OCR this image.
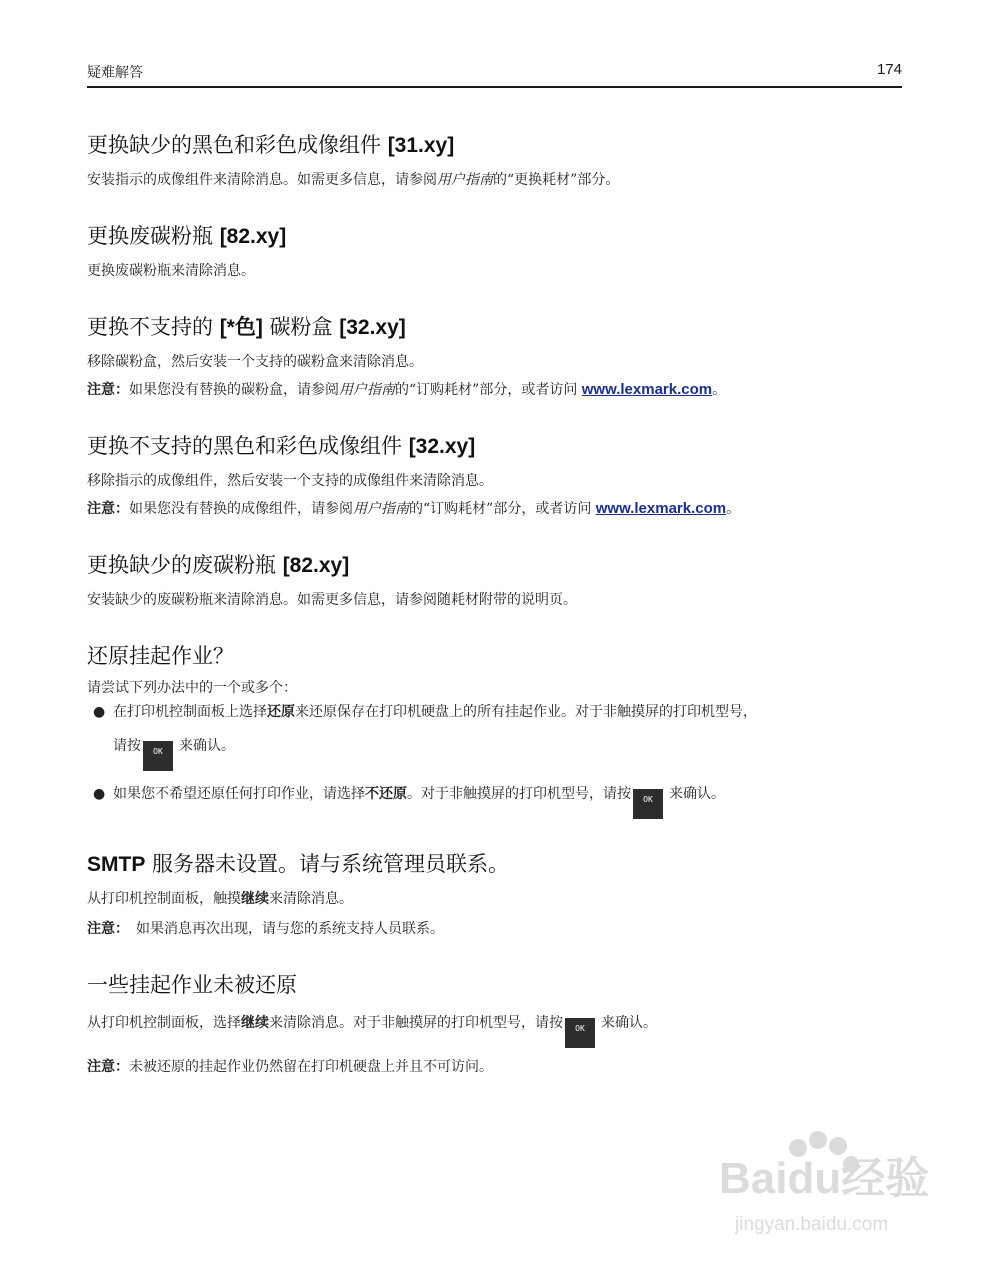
疑难解答	174
更换缺少的黑色和彩色成像组件 [31.xy]

安装指示的成像组件来清除消息。如需更多信息，请参阅用户指南的“更换耗材”部分。

更换废碳粉瓶 [82.xy]

更换废碳粉瓶来清除消息。

更换不支持的 [*色] 碳粉盒 [32.xy]

移除碳粉盒，然后安装一个支持的碳粉盒来清除消息。

注意：如果您没有替换的碳粉盒，请参阅用户指南的“订购耗材”部分，或者访问 www.lexmark.com。

更换不支持的黑色和彩色成像组件 [32.xy]

移除指示的成像组件，然后安装一个支持的成像组件来清除消息。

注意：如果您没有替换的成像组件，请参阅用户指南的“订购耗材”部分，或者访问 www.lexmark.com。

更换缺少的废碳粉瓶 [82.xy]

安装缺少的废碳粉瓶来清除消息。如需更多信息，请参阅随耗材附带的说明页。

还原挂起作业？

请尝试下列办法中的一个或多个：

● 在打印机控制面板上选择还原来还原保存在打印机硬盘上的所有挂起作业。对于非触摸屏的打印机型号，
请按 OK 来确认。
● 如果您不希望还原任何打印作业，请选择不还原。对于非触摸屏的打印机型号，请按 OK 来确认。
SMTP 服务器未设置。请与系统管理员联系。

从打印机控制面板，触摸继续来清除消息。

注意：　如果消息再次出现，请与您的系统支持人员联系。

一些挂起作业未被还原

从打印机控制面板，选择继续来清除消息。对于非触摸屏的打印机型号，请按 OK 来确认。

注意：未被还原的挂起作业仍然留在打印机硬盘上并且不可访问。

Baidu经验
jingyan.baidu.com
